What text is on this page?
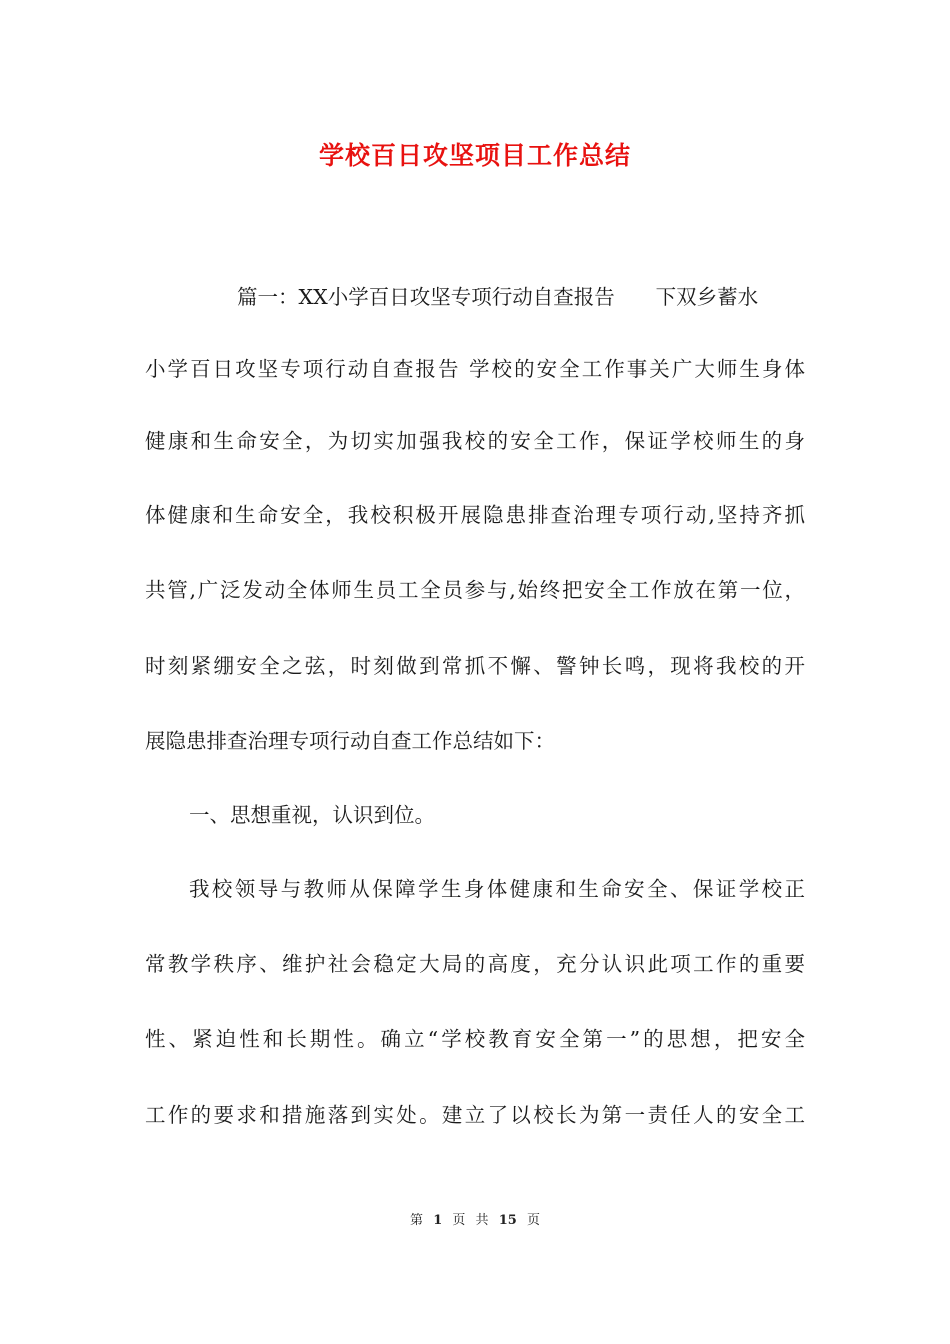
学校百日攻坚项目工作总结
篇一：XX小学百日攻坚专项行动自查报告　　下双乡蓄水
小学百日攻坚专项行动自查报告 学校的安全工作事关广大师生身体
健康和生命安全，为切实加强我校的安全工作，保证学校师生的身
体健康和生命安全，我校积极开展隐患排查治理专项行动,坚持齐抓
共管,广泛发动全体师生员工全员参与,始终把安全工作放在第一位，
时刻紧绷安全之弦，时刻做到常抓不懈、警钟长鸣，现将我校的开
展隐患排查治理专项行动自查工作总结如下：
一、思想重视，认识到位。
我校领导与教师从保障学生身体健康和生命安全、保证学校正
常教学秩序、维护社会稳定大局的高度，充分认识此项工作的重要
性、紧迫性和长期性。确立“学校教育安全第一”的思想，把安全
工作的要求和措施落到实处。建立了以校长为第一责任人的安全工
第 1 页 共 15 页
